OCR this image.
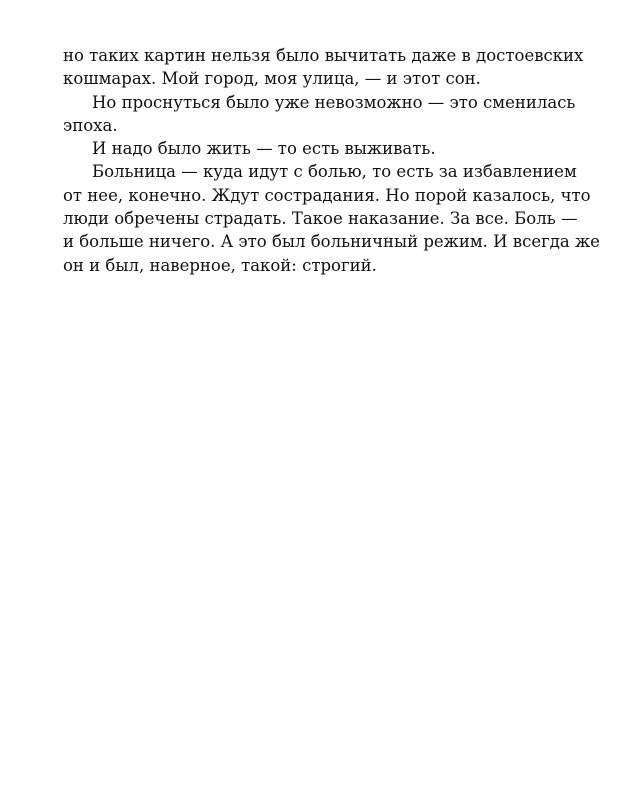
но таких картин нельзя было вычитать даже в достоевских
кошмарах. Мой город, моя улица, — и этот сон.
Но проснуться было уже невозможно — это сменилась
эпоха.
И надо было жить — то есть выживать.
Больница — куда идут с болью, то есть за избавлением
от нее, конечно. Ждут сострадания. Но порой казалось, что
люди обречены страдать. Такое наказание. За все. Боль —
и больше ничего. А это был больничный режим. И всегда же
он и был, наверное, такой: строгий.
